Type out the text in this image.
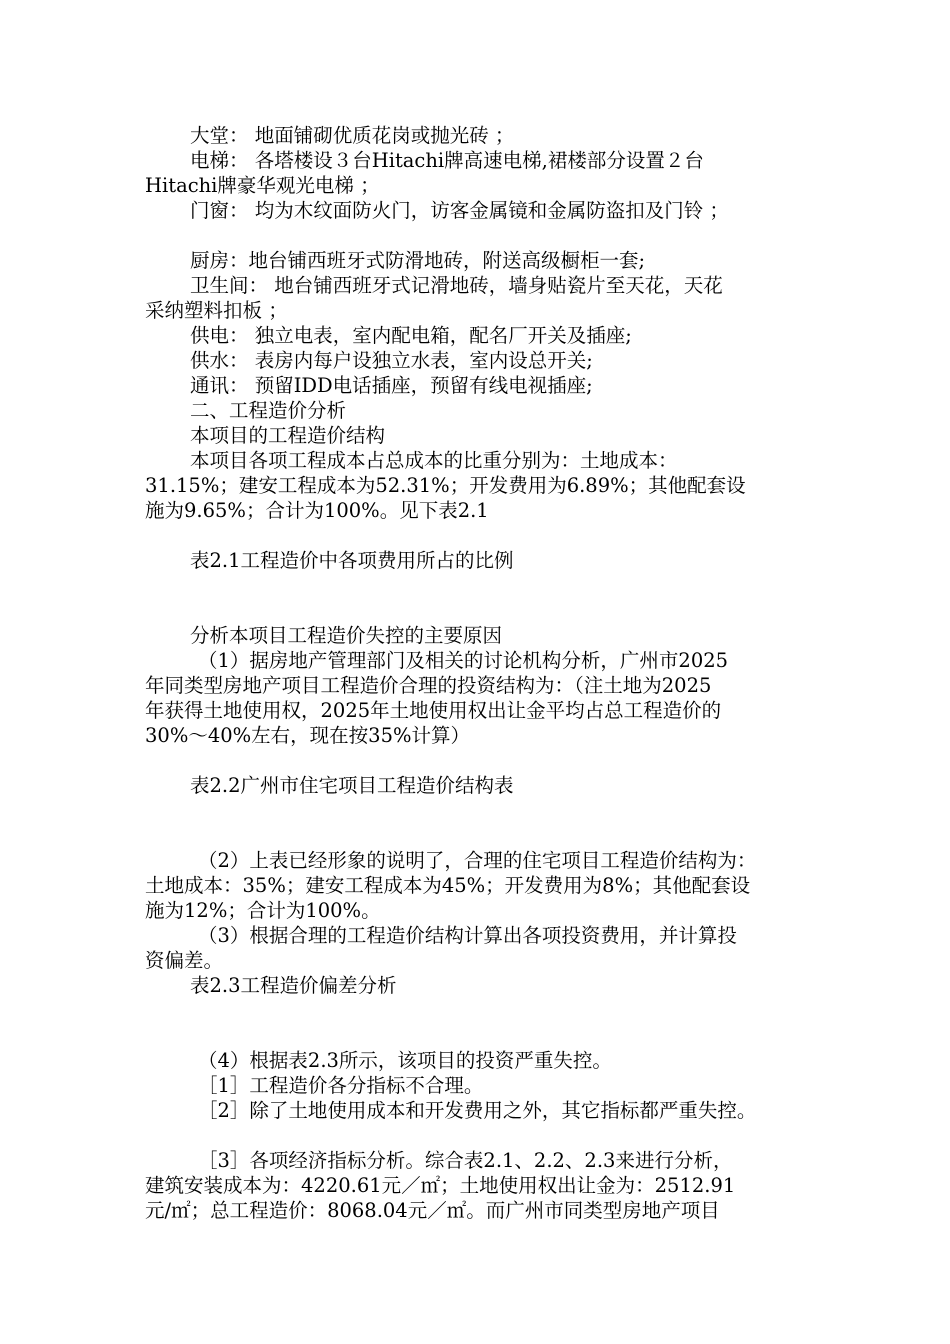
大堂： 地面铺砌优质花岗或抛光砖 ；
电梯： 各塔楼设３台Hitachi牌高速电梯,裙楼部分设置２台
Hitachi牌豪华观光电梯 ；
门窗： 均为木纹面防火门，访客金属镜和金属防盗扣及门铃 ；
厨房：地台铺西班牙式防滑地砖，附送高级橱柜一套;
卫生间： 地台铺西班牙式记滑地砖，墙身贴瓷片至天花，天花
采纳塑料扣板 ；
供电： 独立电表，室内配电箱，配名厂开关及插座;
供水： 表房内每户设独立水表，室内设总开关;
通讯： 预留IDD电话插座，预留有线电视插座;
二、工程造价分析
本项目的工程造价结构
本项目各项工程成本占总成本的比重分别为：土地成本：
31.15%；建安工程成本为52.31%；开发费用为6.89%；其他配套设
施为9.65%；合计为100%。见下表2.1
表2.1工程造价中各项费用所占的比例
分析本项目工程造价失控的主要原因
（1）据房地产管理部门及相关的讨论机构分析，广州市2025
年同类型房地产项目工程造价合理的投资结构为：（注土地为2025
年获得土地使用权，2025年土地使用权出让金平均占总工程造价的
30%～40%左右，现在按35%计算）
表2.2广州市住宅项目工程造价结构表
（2）上表已经形象的说明了，合理的住宅项目工程造价结构为：
土地成本：35%；建安工程成本为45%；开发费用为8%；其他配套设
施为12%；合计为100%。
（3）根据合理的工程造价结构计算出各项投资费用，并计算投
资偏差。
表2.3工程造价偏差分析
（4）根据表2.3所示，该项目的投资严重失控。
［1］工程造价各分指标不合理。
［2］除了土地使用成本和开发费用之外，其它指标都严重失控。
［3］各项经济指标分析。综合表2.1、2.2、2.3来进行分析，
建筑安装成本为：4220.61元／㎡；土地使用权出让金为：2512.91
元/㎡；总工程造价：8068.04元／㎡。而广州市同类型房地产项目
